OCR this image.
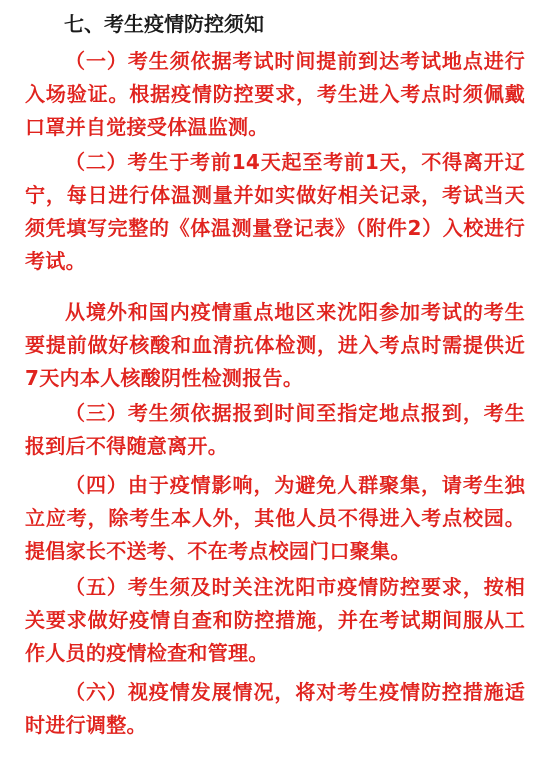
七、考生疫情防控须知

（一）考生须依据考试时间提前到达考试地点进行入场验证。根据疫情防控要求，考生进入考点时须佩戴口罩并自觉接受体温监测。

（二）考生于考前14天起至考前1天，不得离开辽宁，每日进行体温测量并如实做好相关记录，考试当天须凭填写完整的《体温测量登记表》（附件2）入校进行考试。

从境外和国内疫情重点地区来沈阳参加考试的考生要提前做好核酸和血清抗体检测，进入考点时需提供近7天内本人核酸阴性检测报告。

（三）考生须依据报到时间至指定地点报到，考生报到后不得随意离开。

（四）由于疫情影响，为避免人群聚集，请考生独立应考，除考生本人外，其他人员不得进入考点校园。提倡家长不送考、不在考点校园门口聚集。

（五）考生须及时关注沈阳市疫情防控要求，按相关要求做好疫情自查和防控措施，并在考试期间服从工作人员的疫情检查和管理。

（六）视疫情发展情况，将对考生疫情防控措施适时进行调整。
